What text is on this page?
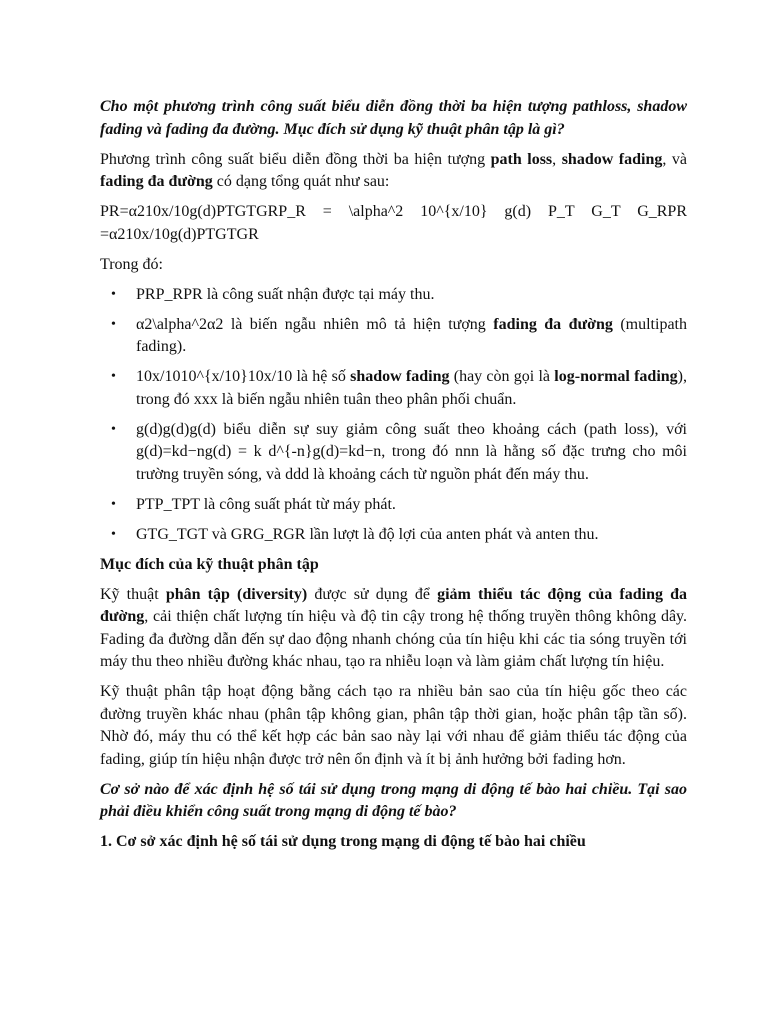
Cho một phương trình công suất biểu diễn đồng thời ba hiện tượng pathloss, shadow fading và fading đa đường. Mục đích sử dụng kỹ thuật phân tập là gì?

Phương trình công suất biểu diễn đồng thời ba hiện tượng path loss, shadow fading, và fading đa đường có dạng tổng quát như sau:

PR=α210x/10g(d)PTGTGRP_R = \alpha^2 10^{x/10} g(d) P_T G_T G_RPR =α210x/10g(d)PTGTGR

Trong đó:

• PRP_RPR là công suất nhận được tại máy thu.
• α2\alpha^2α2 là biến ngẫu nhiên mô tả hiện tượng fading đa đường (multipath fading).
• 10x/1010^{x/10}10x/10 là hệ số shadow fading (hay còn gọi là log-normal fading), trong đó xxx là biến ngẫu nhiên tuân theo phân phối chuẩn.
• g(d)g(d)g(d) biểu diễn sự suy giảm công suất theo khoảng cách (path loss), với g(d)=kd−ng(d) = k d^{-n}g(d)=kd−n, trong đó nnn là hằng số đặc trưng cho môi trường truyền sóng, và ddd là khoảng cách từ nguồn phát đến máy thu.
• PTP_TPT là công suất phát từ máy phát.
• GTG_TGT và GRG_RGR lần lượt là độ lợi của anten phát và anten thu.

Mục đích của kỹ thuật phân tập

Kỹ thuật phân tập (diversity) được sử dụng để giảm thiểu tác động của fading đa đường, cải thiện chất lượng tín hiệu và độ tin cậy trong hệ thống truyền thông không dây. Fading đa đường dẫn đến sự dao động nhanh chóng của tín hiệu khi các tia sóng truyền tới máy thu theo nhiều đường khác nhau, tạo ra nhiễu loạn và làm giảm chất lượng tín hiệu.

Kỹ thuật phân tập hoạt động bằng cách tạo ra nhiều bản sao của tín hiệu gốc theo các đường truyền khác nhau (phân tập không gian, phân tập thời gian, hoặc phân tập tần số). Nhờ đó, máy thu có thể kết hợp các bản sao này lại với nhau để giảm thiểu tác động của fading, giúp tín hiệu nhận được trở nên ổn định và ít bị ảnh hưởng bởi fading hơn.

Cơ sở nào để xác định hệ số tái sử dụng trong mạng di động tế bào hai chiều. Tại sao phải điều khiển công suất trong mạng di động tế bào?

1. Cơ sở xác định hệ số tái sử dụng trong mạng di động tế bào hai chiều
